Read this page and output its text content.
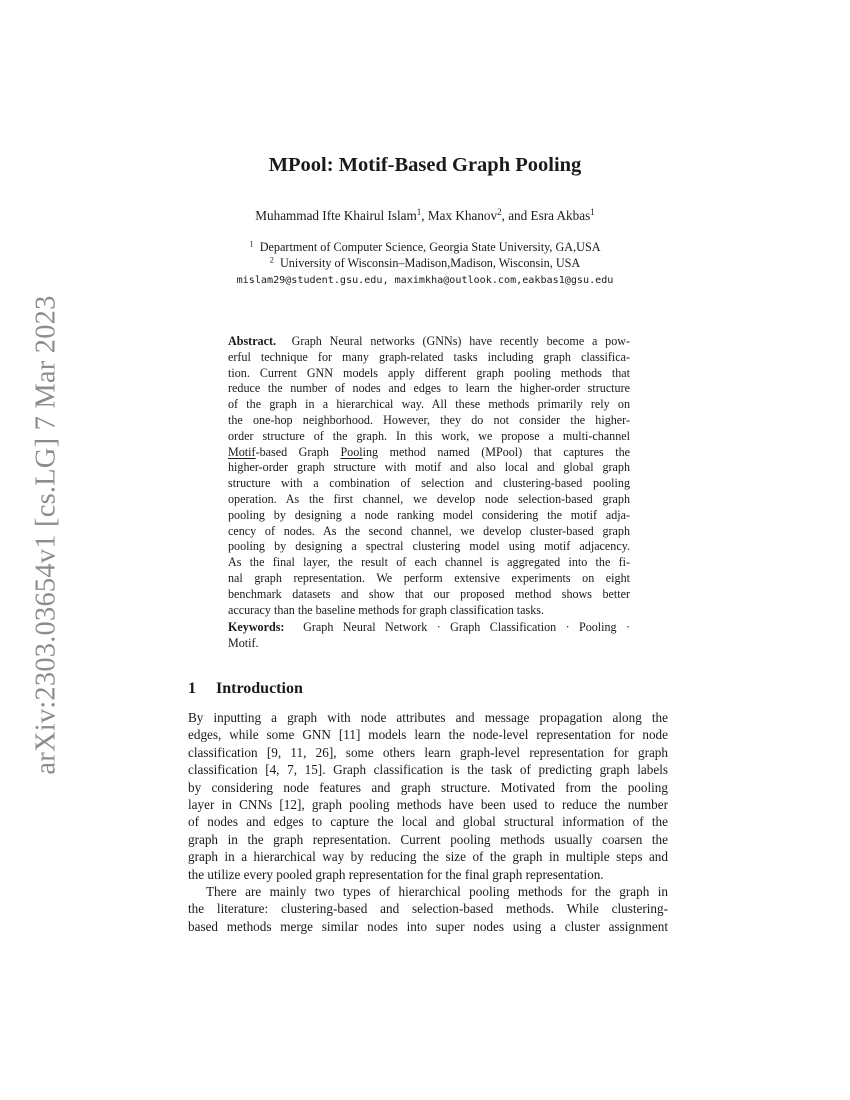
arXiv:2303.03654v1 [cs.LG] 7 Mar 2023
MPool: Motif-Based Graph Pooling
Muhammad Ifte Khairul Islam$^1$, Max Khanov$^2$, and Esra Akbas$^1$
$^1$ Department of Computer Science, Georgia State University, GA,USA
$^2$ University of Wisconsin–Madison,Madison, Wisconsin, USA
mislam29@student.gsu.edu, maximkha@outlook.com,eakbas1@gsu.edu
Abstract. Graph Neural networks (GNNs) have recently become a pow-
erful technique for many graph-related tasks including graph classifica-
tion. Current GNN models apply different graph pooling methods that
reduce the number of nodes and edges to learn the higher-order structure
of the graph in a hierarchical way. All these methods primarily rely on
the one-hop neighborhood. However, they do not consider the higher-
order structure of the graph. In this work, we propose a multi-channel
Motif-based Graph Pooling method named (MPool) that captures the
higher-order graph structure with motif and also local and global graph
structure with a combination of selection and clustering-based pooling
operation. As the first channel, we develop node selection-based graph
pooling by designing a node ranking model considering the motif adja-
cency of nodes. As the second channel, we develop cluster-based graph
pooling by designing a spectral clustering model using motif adjacency.
As the final layer, the result of each channel is aggregated into the fi-
nal graph representation. We perform extensive experiments on eight
benchmark datasets and show that our proposed method shows better
accuracy than the baseline methods for graph classification tasks.
Keywords: Graph Neural Network · Graph Classification · Pooling ·
Motif.
1 Introduction
By inputting a graph with node attributes and message propagation along the
edges, while some GNN [11] models learn the node-level representation for node
classification [9, 11, 26], some others learn graph-level representation for graph
classification [4, 7, 15]. Graph classification is the task of predicting graph labels
by considering node features and graph structure. Motivated from the pooling
layer in CNNs [12], graph pooling methods have been used to reduce the number
of nodes and edges to capture the local and global structural information of the
graph in the graph representation. Current pooling methods usually coarsen the
graph in a hierarchical way by reducing the size of the graph in multiple steps and
the utilize every pooled graph representation for the final graph representation.
There are mainly two types of hierarchical pooling methods for the graph in
the literature: clustering-based and selection-based methods. While clustering-
based methods merge similar nodes into super nodes using a cluster assignment
